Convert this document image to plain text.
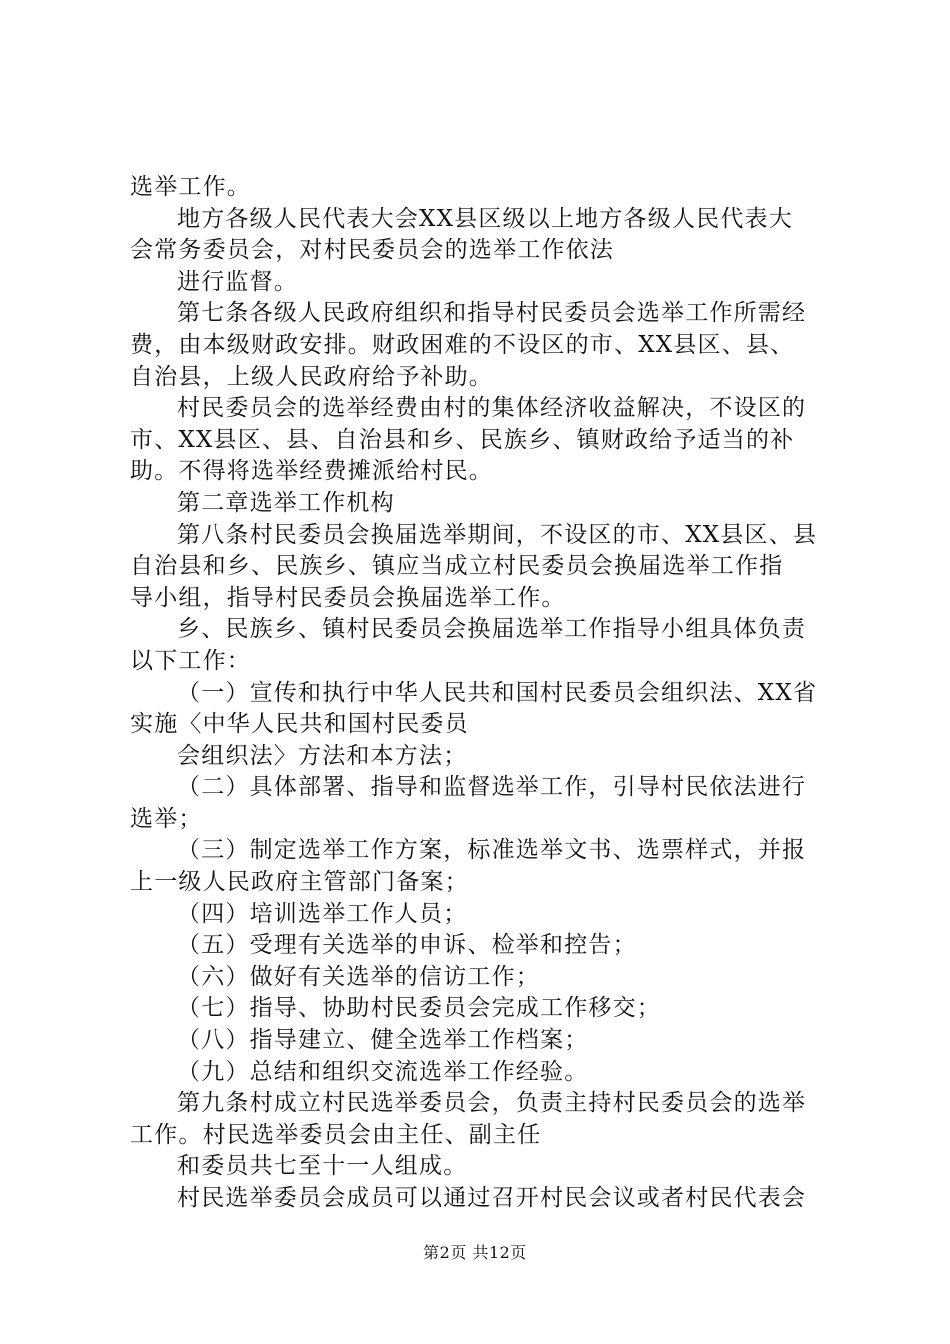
选举工作。
地方各级人民代表大会XX县区级以上地方各级人民代表大
会常务委员会，对村民委员会的选举工作依法
进行监督。
第七条各级人民政府组织和指导村民委员会选举工作所需经
费，由本级财政安排。财政困难的不设区的市、XX县区、县、
自治县，上级人民政府给予补助。
村民委员会的选举经费由村的集体经济收益解决，不设区的
市、XX县区、县、自治县和乡、民族乡、镇财政给予适当的补
助。不得将选举经费摊派给村民。
第二章选举工作机构
第八条村民委员会换届选举期间，不设区的市、XX县区、县
自治县和乡、民族乡、镇应当成立村民委员会换届选举工作指
导小组，指导村民委员会换届选举工作。
乡、民族乡、镇村民委员会换届选举工作指导小组具体负责
以下工作：
（一）宣传和执行中华人民共和国村民委员会组织法、XX省
实施〈中华人民共和国村民委员
会组织法〉方法和本方法；
（二）具体部署、指导和监督选举工作，引导村民依法进行
选举；
（三）制定选举工作方案，标准选举文书、选票样式，并报
上一级人民政府主管部门备案；
（四）培训选举工作人员；
（五）受理有关选举的申诉、检举和控告；
（六）做好有关选举的信访工作；
（七）指导、协助村民委员会完成工作移交；
（八）指导建立、健全选举工作档案；
（九）总结和组织交流选举工作经验。
第九条村成立村民选举委员会，负责主持村民委员会的选举
工作。村民选举委员会由主任、副主任
和委员共七至十一人组成。
村民选举委员会成员可以通过召开村民会议或者村民代表会
第2页 共12页
